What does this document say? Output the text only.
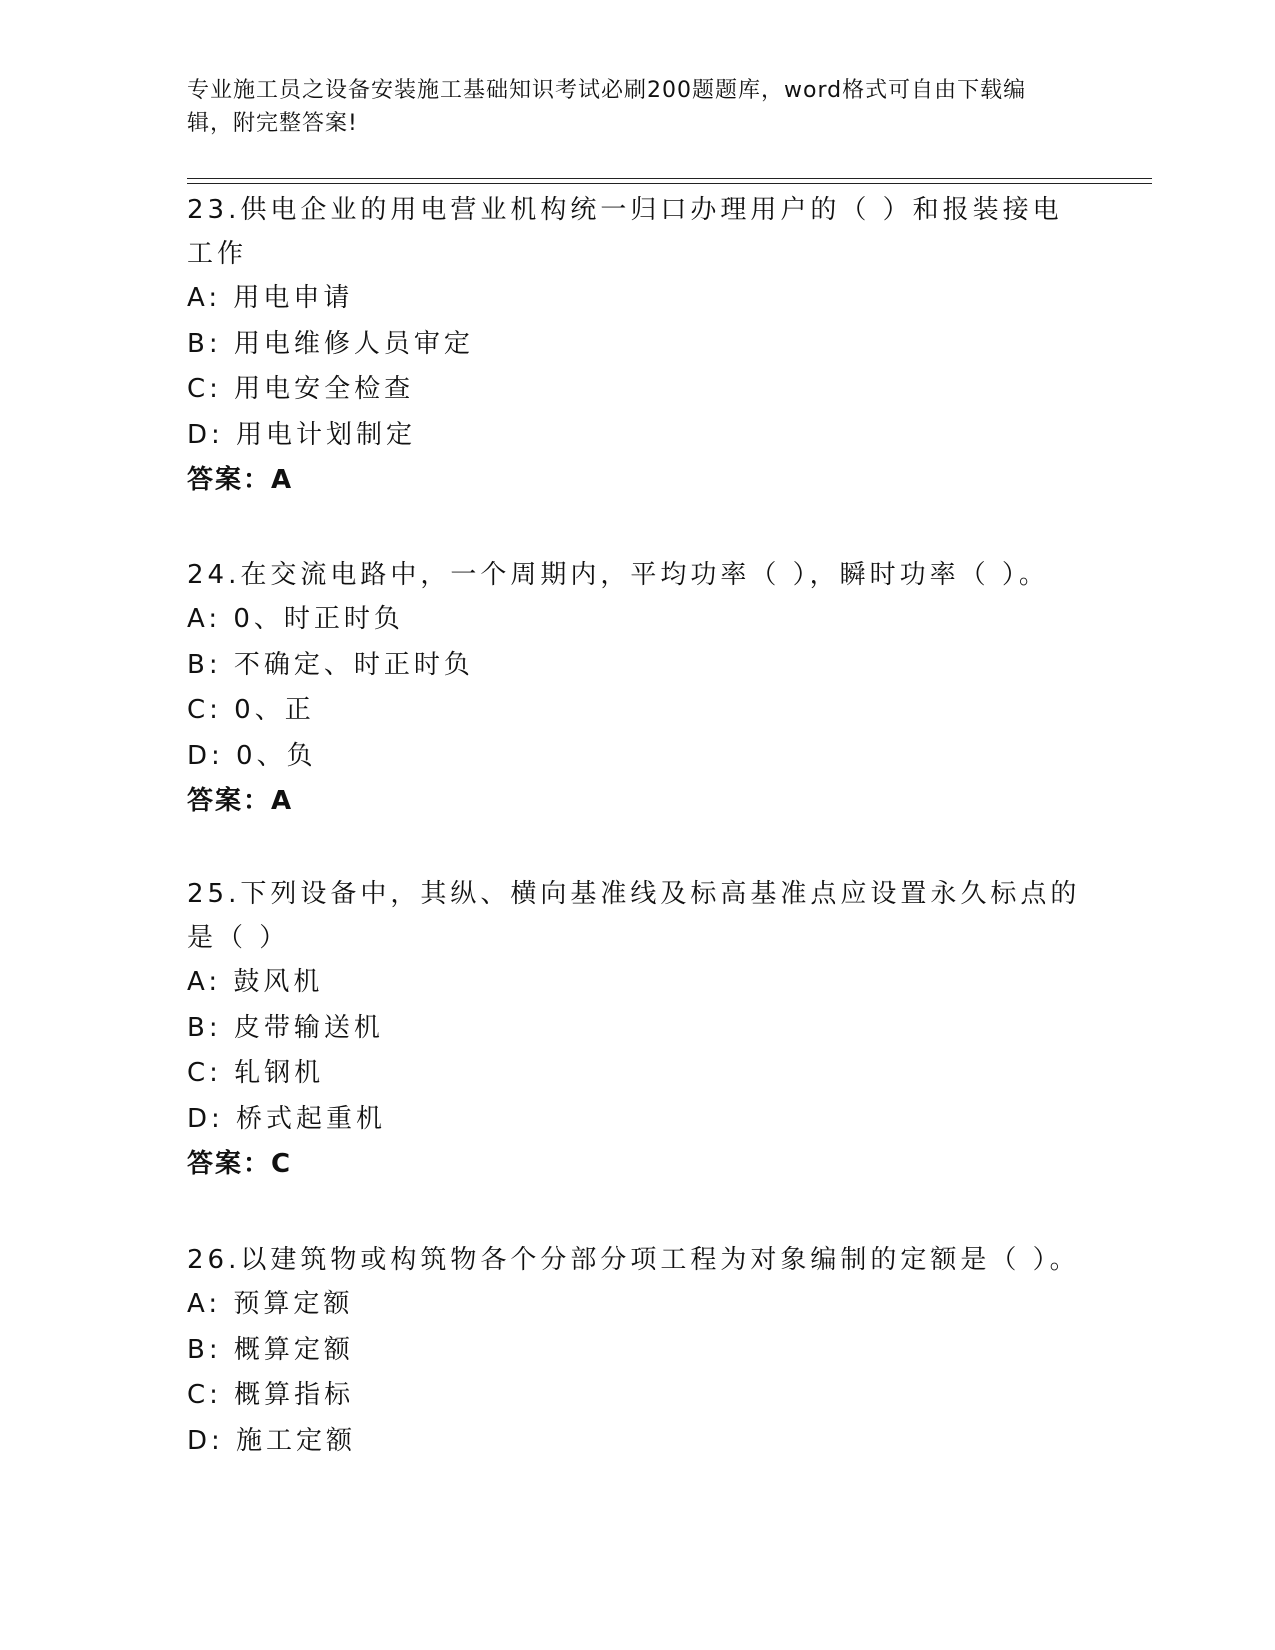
专业施工员之设备安装施工基础知识考试必刷200题题库，word格式可自由下载编辑，附完整答案!
23.供电企业的用电营业机构统一归口办理用户的（ ）和报装接电工作
A: 用电申请
B: 用电维修人员审定
C: 用电安全检查
D: 用电计划制定
答案：A
24.在交流电路中，一个周期内，平均功率（ ），瞬时功率（ ）。
A: 0、时正时负
B: 不确定、时正时负
C: 0、正
D: 0、负
答案：A
25.下列设备中，其纵、横向基准线及标高基准点应设置永久标点的是（ ）
A: 鼓风机
B: 皮带输送机
C: 轧钢机
D: 桥式起重机
答案：C
26.以建筑物或构筑物各个分部分项工程为对象编制的定额是（ ）。
A: 预算定额
B: 概算定额
C: 概算指标
D: 施工定额
